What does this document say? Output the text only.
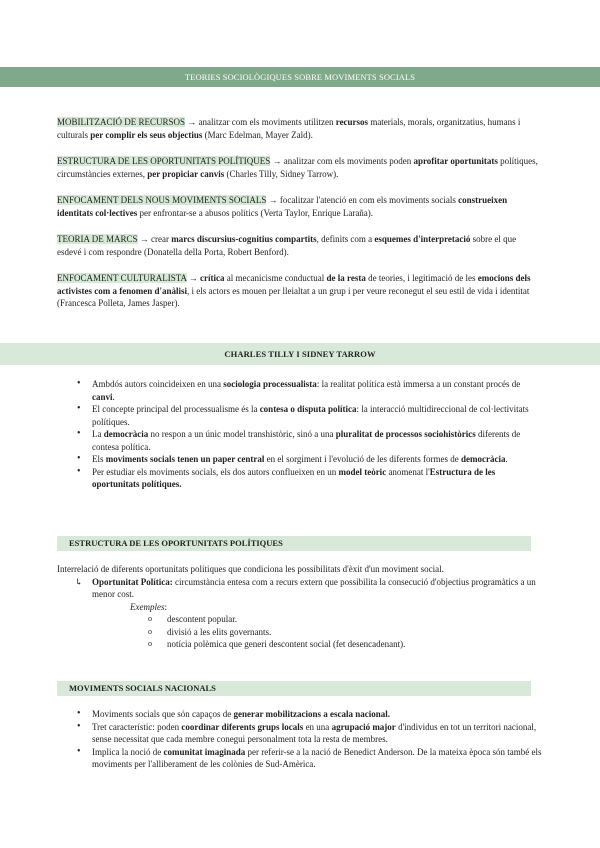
TEORIES SOCIOLÒGIQUES SOBRE MOVIMENTS SOCIALS

MOBILITZACIÓ DE RECURSOS → analitzar com els moviments utilitzen recursos materials, morals, organitzatius, humans i culturals per complir els seus objectius (Marc Edelman, Mayer Zald).

ESTRUCTURA DE LES OPORTUNITATS POLÍTIQUES → analitzar com els moviments poden aprofitar oportunitats polítiques, circumstàncies externes, per propiciar canvis (Charles Tilly, Sidney Tarrow).

ENFOCAMENT DELS NOUS MOVIMENTS SOCIALS → focalitzar l'atenció en com els moviments socials construeixen identitats col·lectives per enfrontar-se a abusos polítics (Verta Taylor, Enrique Laraña).

TEORIA DE MARCS → crear marcs discursius-cognitius compartits, definits com a esquemes d'interpretació sobre el que esdevé i com respondre (Donatella della Porta, Robert Benford).

ENFOCAMENT CULTURALISTA → crítica al mecanicisme conductual de la resta de teories, i legitimació de les emocions dels activistes com a fenomen d'anàlisi, i els actors es mouen per lleialtat a un grup i per veure reconegut el seu estil de vida i identitat (Francesca Polleta, James Jasper).

CHARLES TILLY I SIDNEY TARROW
• Ambdós autors coincideixen en una sociologia processualista: la realitat política està immersa a un constant procés de canvi.
• El concepte principal del processualisme és la contesa o disputa política: la interacció multidireccional de col·lectivitats polítiques.
• La democràcia no respon a un únic model transhistòric, sinó a una pluralitat de processos sociohistòrics diferents de contesa política.
• Els moviments socials tenen un paper central en el sorgiment i l'evolució de les diferents formes de democràcia.
• Per estudiar els moviments socials, els dos autors conflueixen en un model teòric anomenat l'Estructura de les oportunitats polítiques.
ESTRUCTURA DE LES OPORTUNITATS POLÍTIQUES
Interrelació de diferents oportunitats polítiques que condiciona les possibilitats d'èxit d'un moviment social.
↳ Oportunitat Política: circumstància entesa com a recurs extern que possibilita la consecució d'objectius programàtics a un menor cost.
Exemples:
o descontent popular.
o divisió a les elits governants.
o notícia polèmica que generi descontent social (fet desencadenant).
MOVIMENTS SOCIALS NACIONALS
• Moviments socials que són capaços de generar mobilitzacions a escala nacional.
• Tret característic: poden coordinar diferents grups locals en una agrupació major d'individus en tot un territori nacional, sense necessitat que cada membre conegui personalment tota la resta de membres.
• Implica la noció de comunitat imaginada per referir-se a la nació de Benedict Anderson. De la mateixa època són també els moviments per l'alliberament de les colònies de Sud-Amèrica.
